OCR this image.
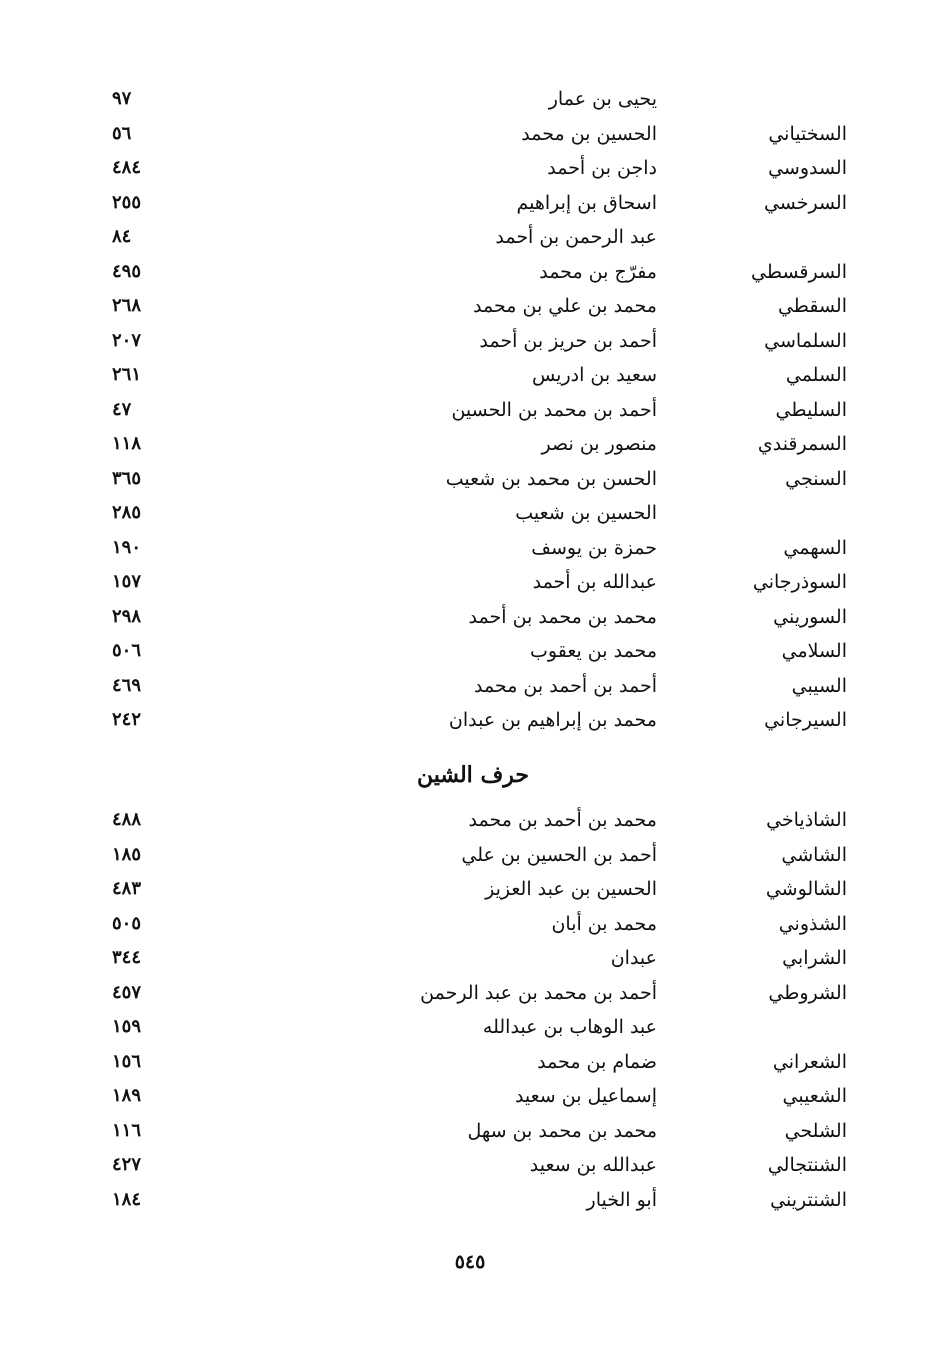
يحيى بن عمار
٩٧
السختياني
الحسين بن محمد
٥٦
السدوسي
داجن بن أحمد
٤٨٤
السرخسي
اسحاق بن إبراهيم
٢٥٥
عبد الرحمن بن أحمد
٨٤
السرقسطي
مفرّج بن محمد
٤٩٥
السقطي
محمد بن علي بن محمد
٢٦٨
السلماسي
أحمد بن حريز بن أحمد
٢٠٧
السلمي
سعيد بن ادريس
٢٦١
السليطي
أحمد بن محمد بن الحسين
٤٧
السمرقندي
منصور بن نصر
١١٨
السنجي
الحسن بن محمد بن شعيب
٣٦٥
الحسين بن شعيب
٢٨٥
السهمي
حمزة بن يوسف
١٩٠
السوذرجاني
عبدالله بن أحمد
١٥٧
السوريني
محمد بن محمد بن أحمد
٢٩٨
السلامي
محمد بن يعقوب
٥٠٦
السيبي
أحمد بن أحمد بن محمد
٤٦٩
السيرجاني
محمد بن إبراهيم بن عبدان
٢٤٢
حرف الشين
الشاذياخي
محمد بن أحمد بن محمد
٤٨٨
الشاشي
أحمد بن الحسين بن علي
١٨٥
الشالوشي
الحسين بن عبد العزيز
٤٨٣
الشذوني
محمد بن أبان
٥٠٥
الشرابي
عبدان
٣٤٤
الشروطي
أحمد بن محمد بن عبد الرحمن
٤٥٧
عبد الوهاب بن عبدالله
١٥٩
الشعراني
ضمام بن محمد
١٥٦
الشعيبي
إسماعيل بن سعيد
١٨٩
الشلحي
محمد بن محمد بن سهل
١١٦
الشنتجالي
عبدالله بن سعيد
٤٢٧
الشنتريني
أبو الخيار
١٨٤
٥٤٥
